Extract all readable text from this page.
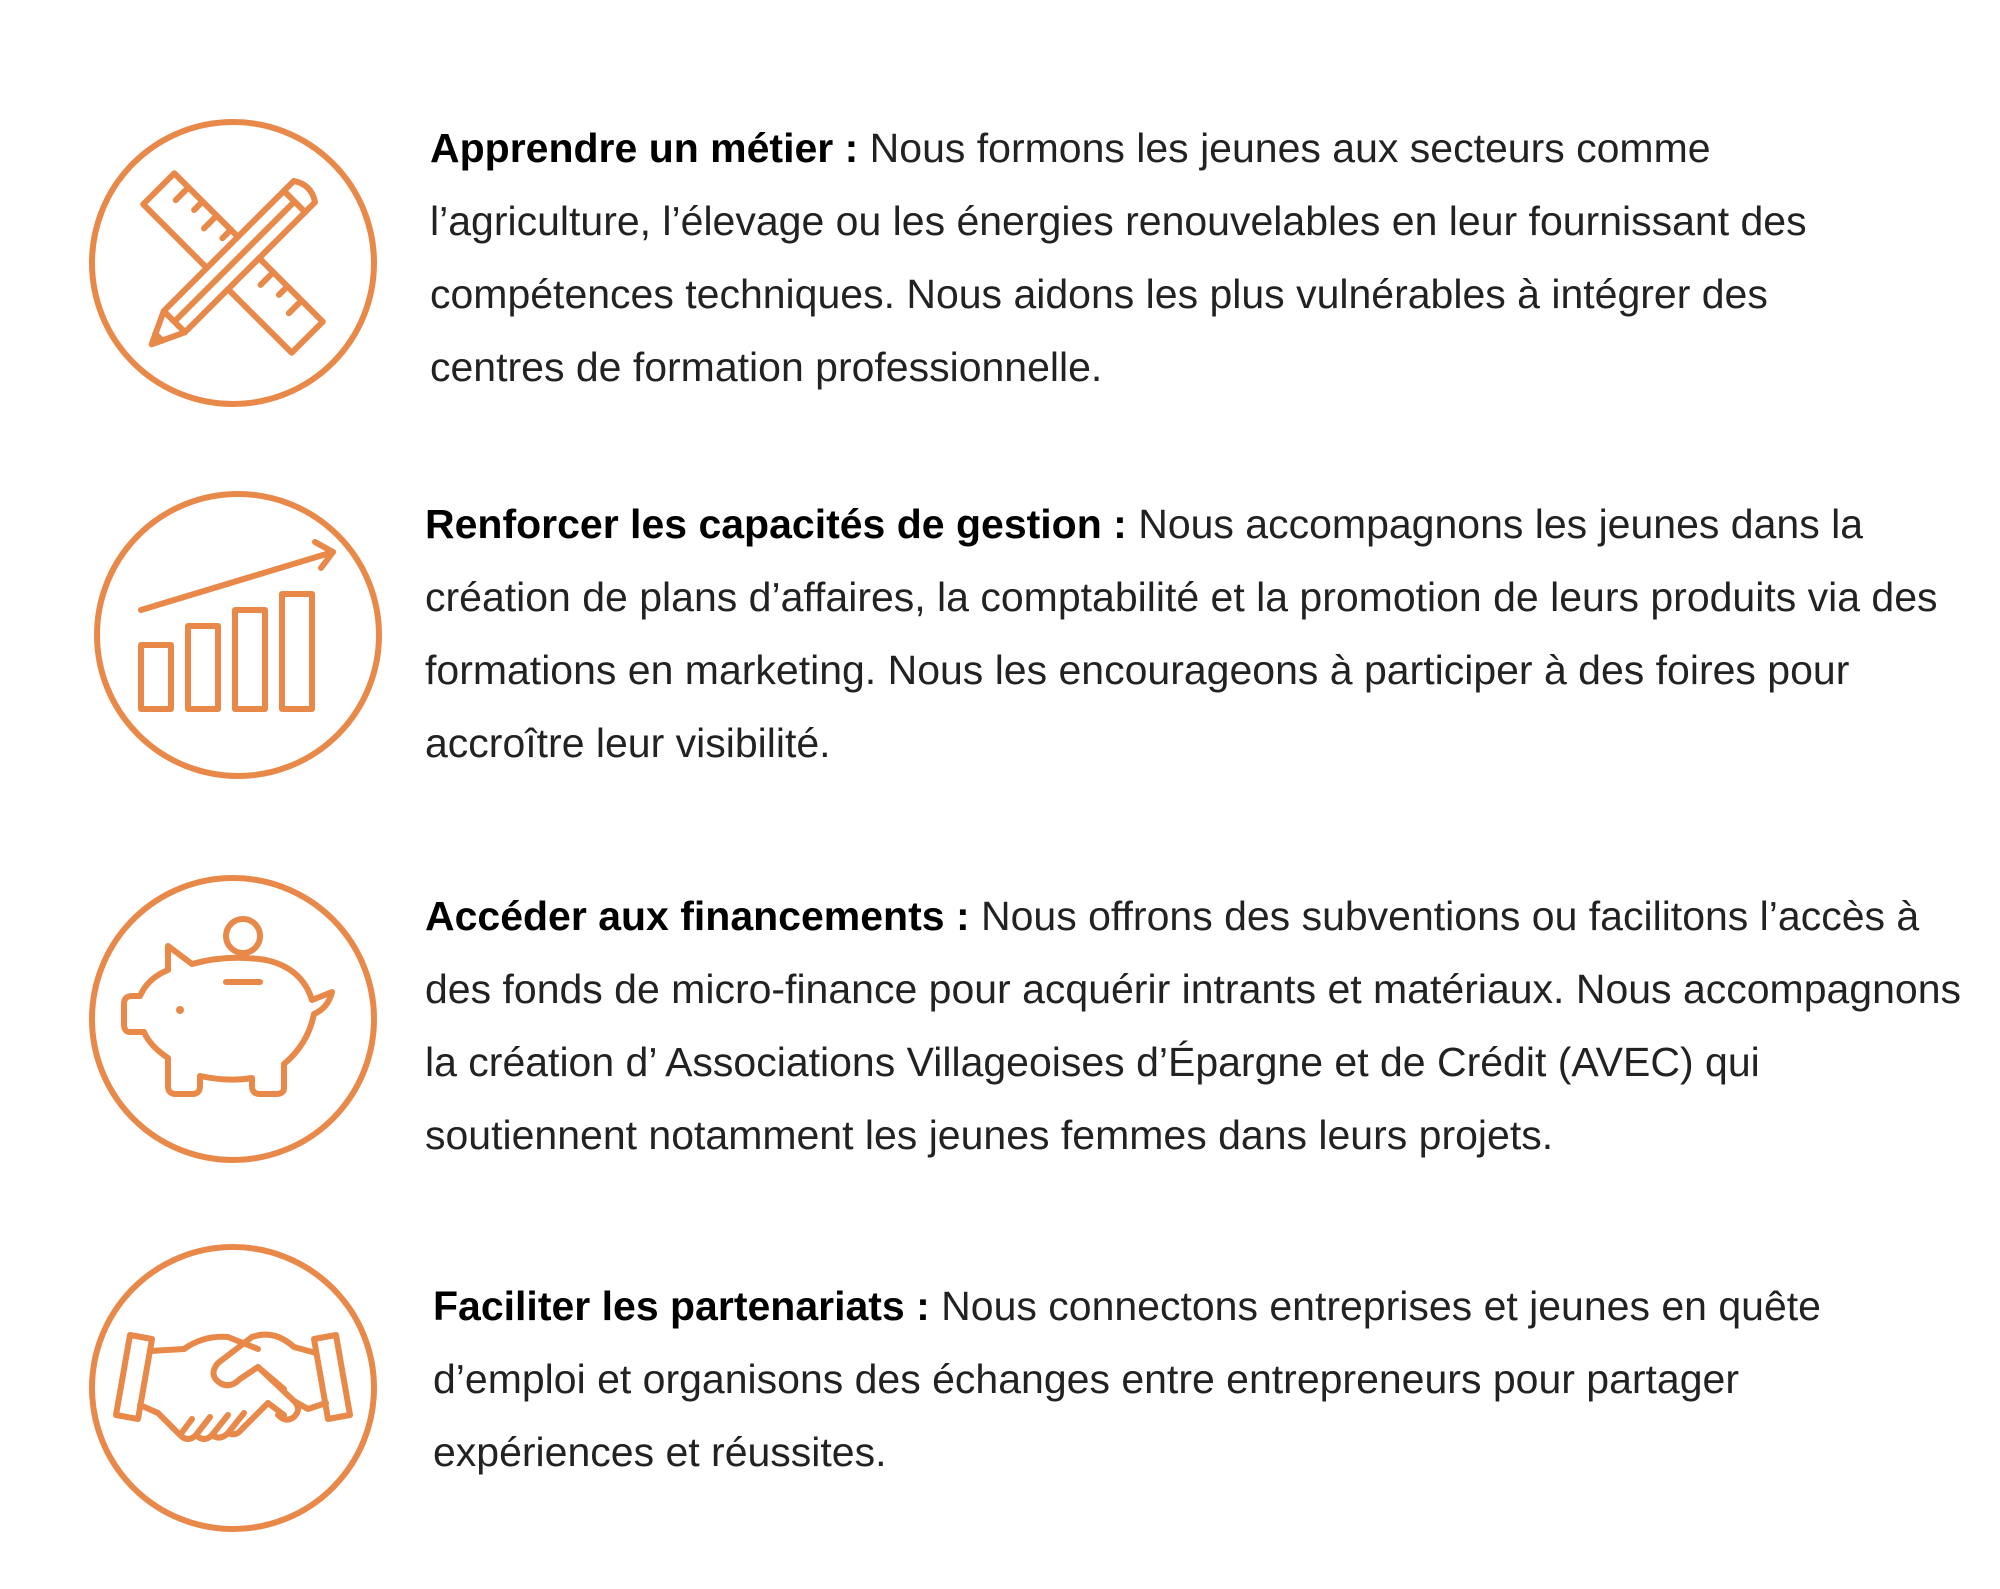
Apprendre un métier : Nous formons les jeunes aux secteurs comme l’agriculture, l’élevage ou les énergies renouvelables en leur fournissant des compétences techniques. Nous aidons les plus vulnérables à intégrer des centres de formation professionnelle.

Renforcer les capacités de gestion : Nous accompagnons les jeunes dans la création de plans d’affaires, la comptabilité et la promotion de leurs produits via des formations en marketing. Nous les encourageons à participer à des foires pour accroître leur visibilité.

Accéder aux financements : Nous offrons des subventions ou facilitons l’accès à des fonds de micro-finance pour acquérir intrants et matériaux. Nous accompagnons la création d’ Associations Villageoises d’Épargne et de Crédit (AVEC) qui soutiennent notamment les jeunes femmes dans leurs projets.

Faciliter les partenariats : Nous connectons entreprises et jeunes en quête d’emploi et organisons des échanges entre entrepreneurs pour partager expériences et réussites.
